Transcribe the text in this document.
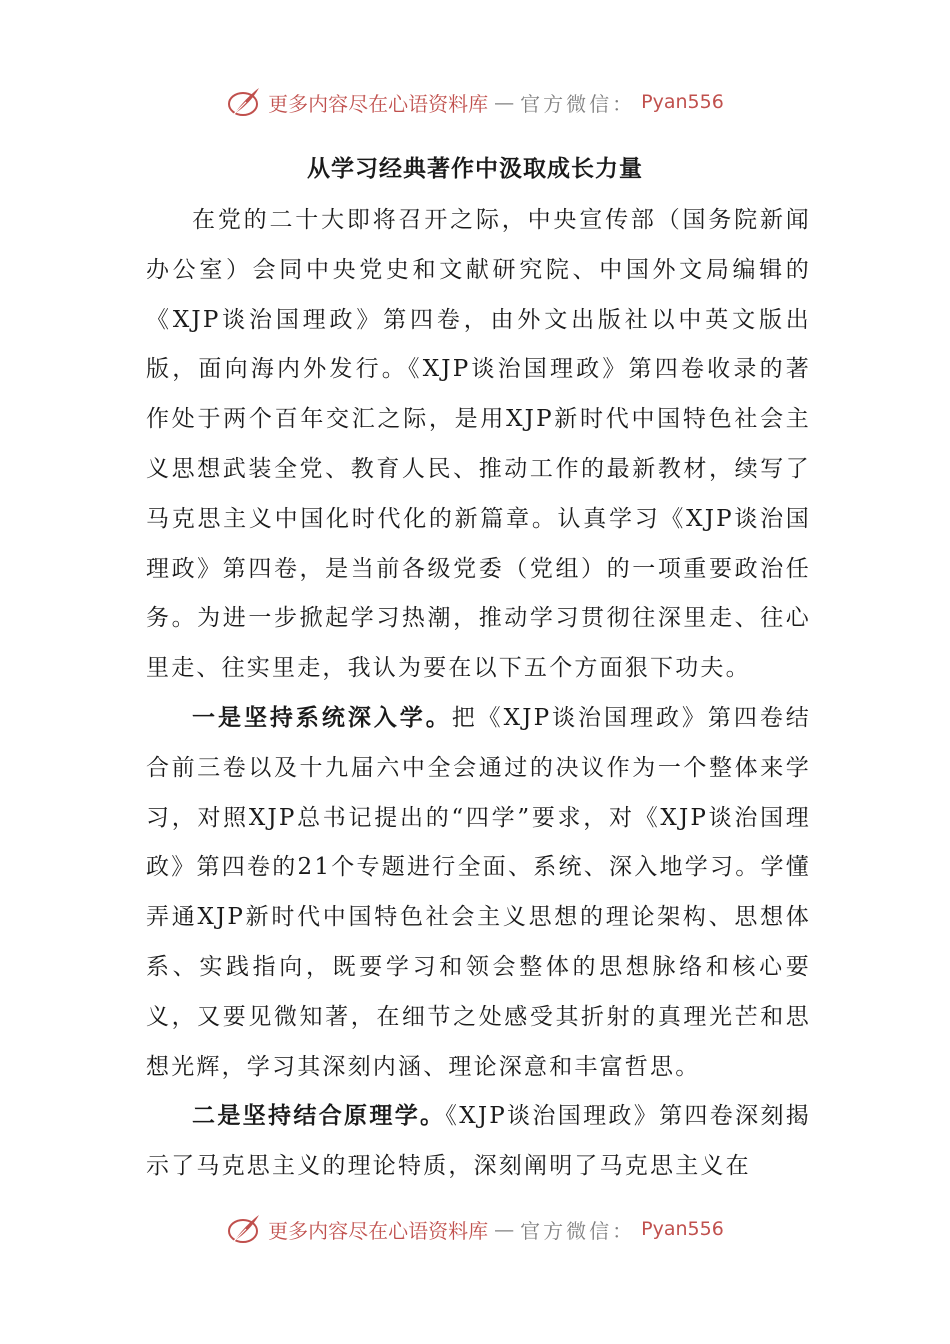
更多内容尽在心语资料库 — 官方微信： Pyan556
从学习经典著作中汲取成长力量

在党的二十大即将召开之际，中央宣传部（国务院新闻办公室）会同中央党史和文献研究院、中国外文局编辑的《XJP谈治国理政》第四卷，由外文出版社以中英文版出版，面向海内外发行。《XJP谈治国理政》第四卷收录的著作处于两个百年交汇之际，是用XJP新时代中国特色社会主义思想武装全党、教育人民、推动工作的最新教材，续写了马克思主义中国化时代化的新篇章。认真学习《XJP谈治国理政》第四卷，是当前各级党委（党组）的一项重要政治任务。为进一步掀起学习热潮，推动学习贯彻往深里走、往心里走、往实里走，我认为要在以下五个方面狠下功夫。

一是坚持系统深入学。把《XJP谈治国理政》第四卷结合前三卷以及十九届六中全会通过的决议作为一个整体来学习，对照XJP总书记提出的“四学”要求，对《XJP谈治国理政》第四卷的21个专题进行全面、系统、深入地学习。学懂弄通XJP新时代中国特色社会主义思想的理论架构、思想体系、实践指向，既要学习和领会整体的思想脉络和核心要义，又要见微知著，在细节之处感受其折射的真理光芒和思想光辉，学习其深刻内涵、理论深意和丰富哲思。

二是坚持结合原理学。《XJP谈治国理政》第四卷深刻揭示了马克思主义的理论特质，深刻阐明了马克思主义在

更多内容尽在心语资料库 — 官方微信： Pyan556
